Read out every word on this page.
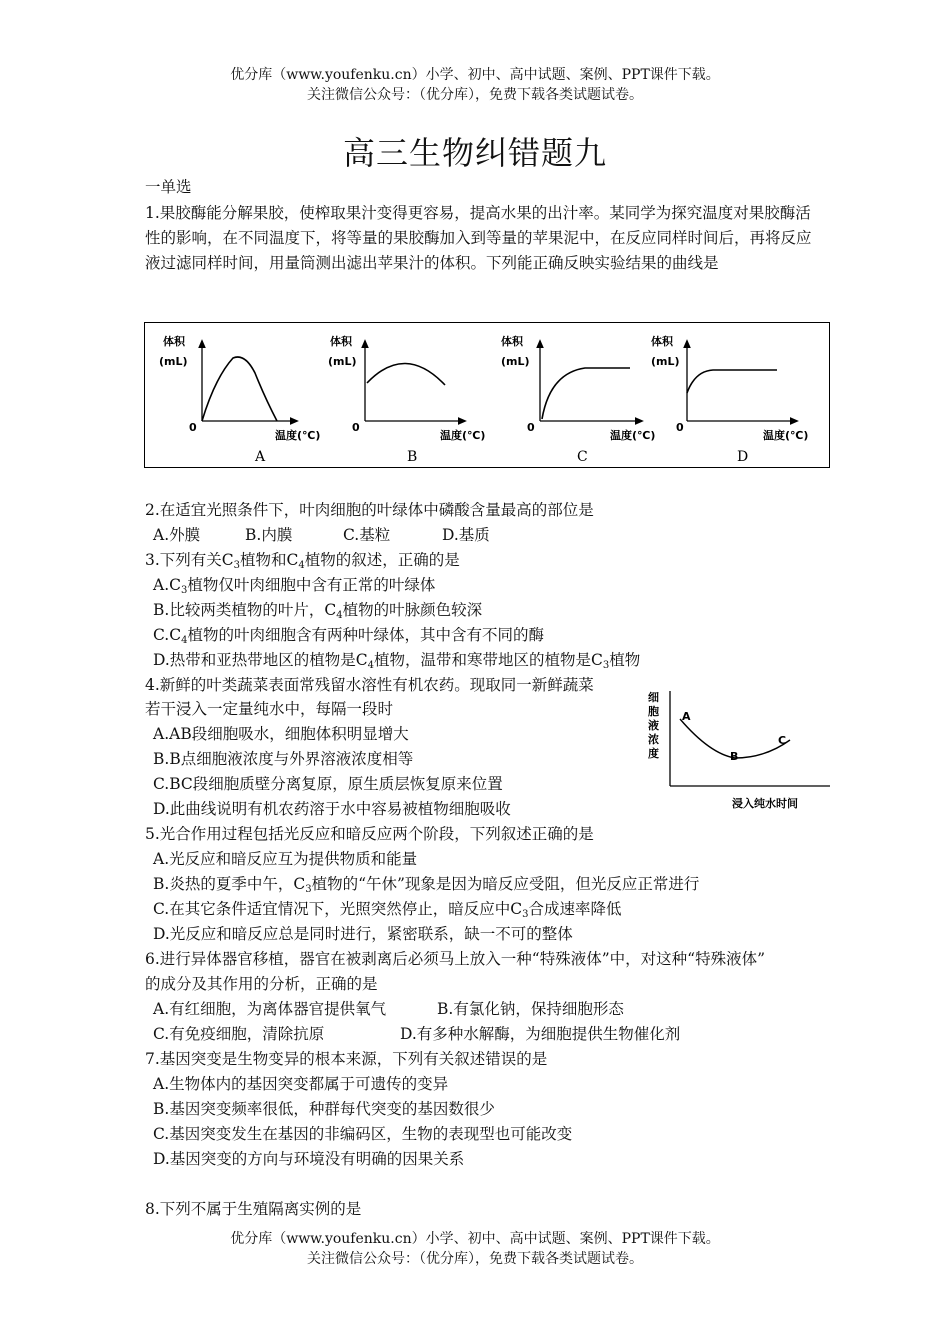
优分库（www.youfenku.cn）小学、初中、高中试题、案例、PPT课件下载。
关注微信公众号：（优分库），免费下载各类试题试卷。
高三生物纠错题九
一单选
1.果胶酶能分解果胶，使榨取果汁变得更容易，提高水果的出汁率。某同学为探究温度对果胶酶活性的影响，在不同温度下，将等量的果胶酶加入到等量的苹果泥中，在反应同样时间后，再将反应液过滤同样时间，用量筒测出滤出苹果汁的体积。下列能正确反映实验结果的曲线是
体积
(mL)
0
温度(℃)
A
体积
(mL)
0
温度(℃)
B
体积
(mL)
0
温度(℃)
C
体积
(mL)
0
温度(℃)
D
2.在适宜光照条件下，叶肉细胞的叶绿体中磷酸含量最高的部位是
A.外膜	B.内膜	C.基粒	D.基质
3.下列有关$C_3$植物和$C_4$植物的叙述，正确的是
$A.C_3$植物仅叶肉细胞中含有正常的叶绿体
B.比较两类植物的叶片，$C_4$植物的叶脉颜色较深
$C.C_4$植物的叶肉细胞含有两种叶绿体，其中含有不同的酶
D.热带和亚热带地区的植物是$C_4$植物，温带和寒带地区的植物是$C_3$植物
4.新鲜的叶类蔬菜表面常残留水溶性有机农药。现取同一新鲜蔬菜
若干浸入一定量纯水中，每隔一段时
A.AB段细胞吸水，细胞体积明显增大
B.B点细胞液浓度与外界溶液浓度相等
C.BC段细胞质壁分离复原，原生质层恢复原来位置
D.此曲线说明有机农药溶于水中容易被植物细胞吸收
细
胞
液
浓
度
A
B
C
浸入纯水时间
5.光合作用过程包括光反应和暗反应两个阶段，下列叙述正确的是
A.光反应和暗反应互为提供物质和能量
B.炎热的夏季中午，$C_3$植物的“午休”现象是因为暗反应受阻，但光反应正常进行
C.在其它条件适宜情况下，光照突然停止，暗反应中$C_3$合成速率降低
D.光反应和暗反应总是同时进行，紧密联系，缺一不可的整体
6.进行异体器官移植，器官在被剥离后必须马上放入一种“特殊液体”中，对这种“特殊液体”
的成分及其作用的分析，正确的是
A.有红细胞，为离体器官提供氧气	B.有氯化钠，保持细胞形态
C.有免疫细胞，清除抗原	D.有多种水解酶，为细胞提供生物催化剂
7.基因突变是生物变异的根本来源，下列有关叙述错误的是
A.生物体内的基因突变都属于可遗传的变异
B.基因突变频率很低，种群每代突变的基因数很少
C.基因突变发生在基因的非编码区，生物的表现型也可能改变
D.基因突变的方向与环境没有明确的因果关系
8.下列不属于生殖隔离实例的是
优分库（www.youfenku.cn）小学、初中、高中试题、案例、PPT课件下载。
关注微信公众号：（优分库），免费下载各类试题试卷。
